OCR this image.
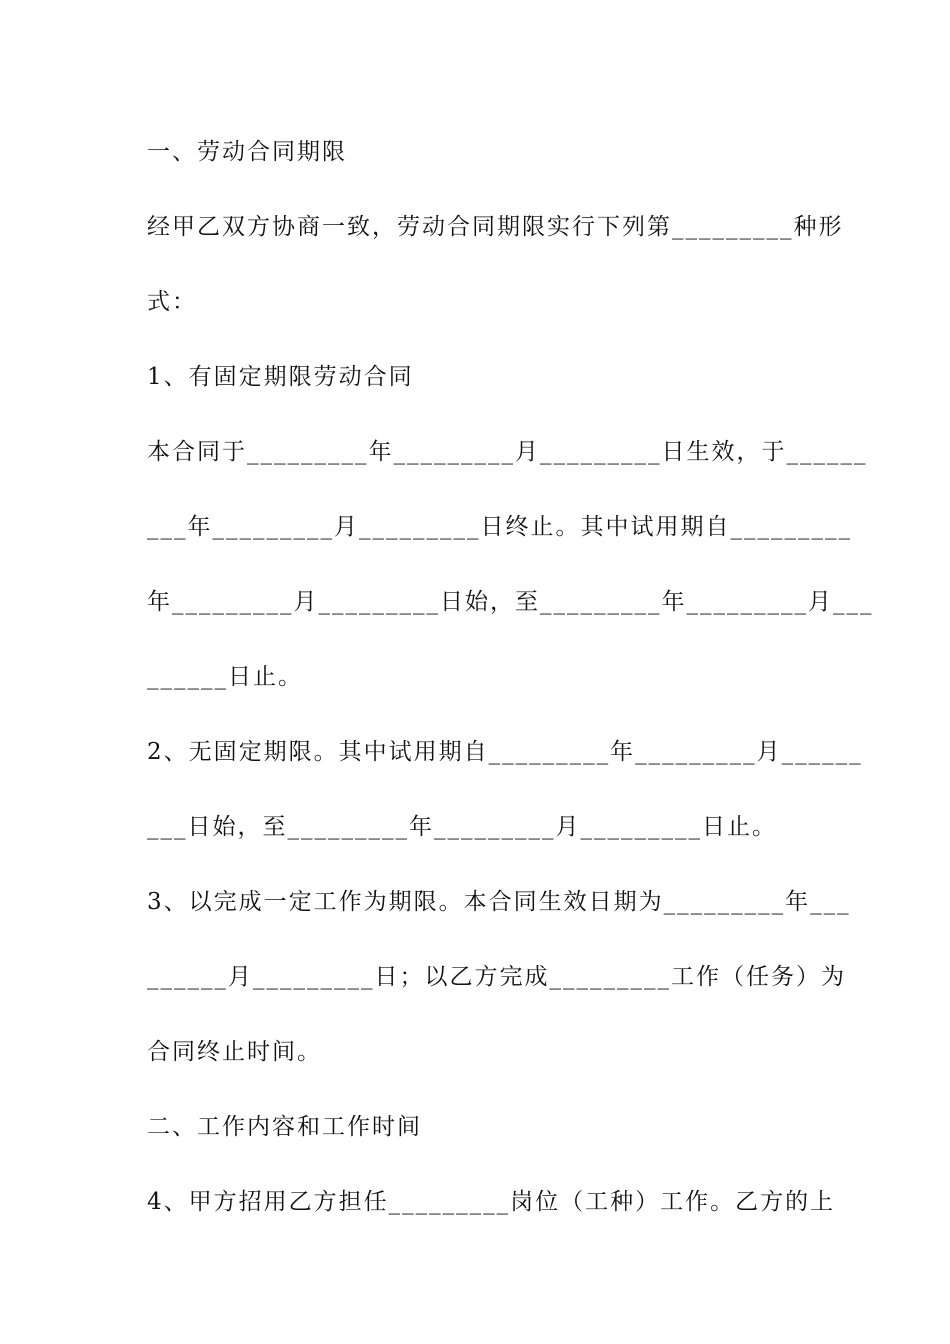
一、劳动合同期限
经甲乙双方协商一致，劳动合同期限实行下列第_________种形
式：
1、有固定期限劳动合同
本合同于_________年_________月_________日生效，于______
___年_________月_________日终止。其中试用期自_________
年_________月_________日始，至_________年_________月___
______日止。
2、无固定期限。其中试用期自_________年_________月______
___日始，至_________年_________月_________日止。
3、以完成一定工作为期限。本合同生效日期为_________年___
______月_________日；以乙方完成_________工作（任务）为
合同终止时间。
二、工作内容和工作时间
4、甲方招用乙方担任_________岗位（工种）工作。乙方的上
